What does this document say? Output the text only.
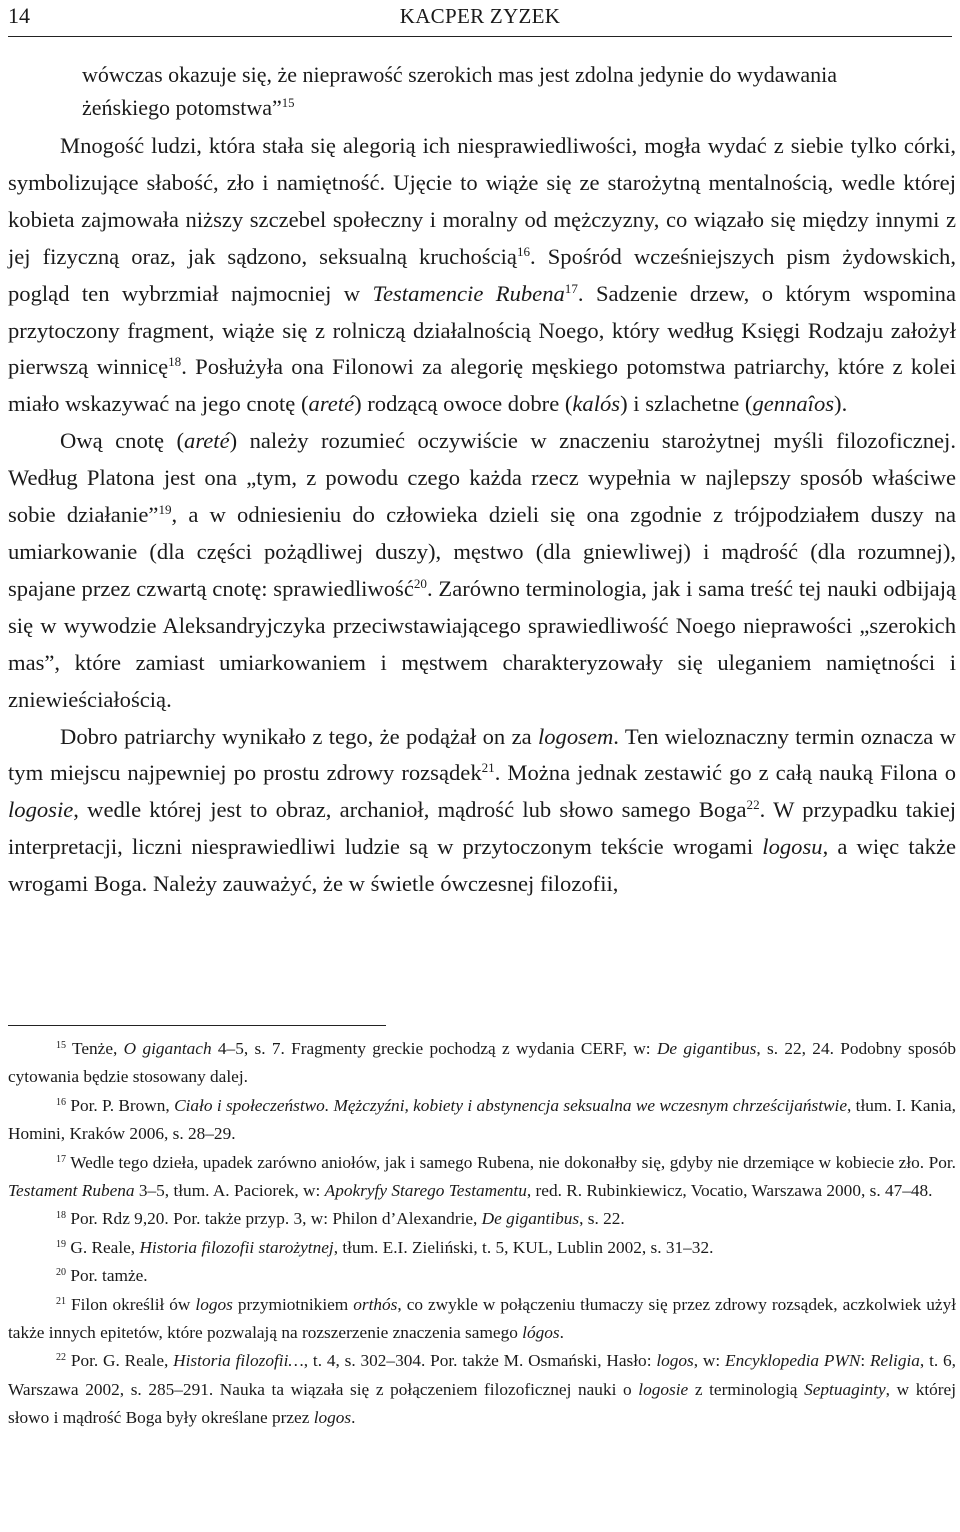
14	KACPER ZYZEK
wówczas okazuje się, że nieprawość szerokich mas jest zdolna jedynie do wydawania żeńskiego potomstwa”$^{15}$

Mnogość ludzi, która stała się alegorią ich niesprawiedliwości, mogła wydać z siebie tylko córki, symbolizujące słabość, zło i namiętność. Ujęcie to wiąże się ze starożytną mentalnością, wedle której kobieta zajmowała niższy szczebel społeczny i moralny od mężczyzny, co wiązało się między innymi z jej fizyczną oraz, jak sądzono, seksualną kruchością$^{16}$. Spośród wcześniejszych pism żydowskich, pogląd ten wybrzmiał najmocniej w Testamencie Rubena$^{17}$. Sadzenie drzew, o którym wspomina przytoczony fragment, wiąże się z rolniczą działalnością Noego, który według Księgi Rodzaju założył pierwszą winnicę$^{18}$. Posłużyła ona Filonowi za alegorię męskiego potomstwa patriarchy, które z kolei miało wskazywać na jego cnotę (areté) rodzącą owoce dobre (kalós) i szlachetne (gennaîos).

Ową cnotę (areté) należy rozumieć oczywiście w znaczeniu starożytnej myśli filozoficznej. Według Platona jest ona „tym, z powodu czego każda rzecz wypełnia w najlepszy sposób właściwe sobie działanie”$^{19}$, a w odniesieniu do człowieka dzieli się ona zgodnie z trójpodziałem duszy na umiarkowanie (dla części pożądliwej duszy), męstwo (dla gniewliwej) i mądrość (dla rozumnej), spajane przez czwartą cnotę: sprawiedliwość$^{20}$. Zarówno terminologia, jak i sama treść tej nauki odbijają się w wywodzie Aleksandryjczyka przeciwstawiającego sprawiedliwość Noego nieprawości „szerokich mas”, które zamiast umiarkowaniem i męstwem charakteryzowały się uleganiem namiętności i zniewieściałością.

Dobro patriarchy wynikało z tego, że podążał on za logosem. Ten wieloznaczny termin oznacza w tym miejscu najpewniej po prostu zdrowy rozsądek$^{21}$. Można jednak zestawić go z całą nauką Filona o logosie, wedle której jest to obraz, archanioł, mądrość lub słowo samego Boga$^{22}$. W przypadku takiej interpretacji, liczni niesprawiedliwi ludzie są w przytoczonym tekście wrogami logosu, a więc także wrogami Boga. Należy zauważyć, że w świetle ówczesnej filozofii,

$^{15}$ Tenże, O gigantach 4–5, s. 7. Fragmenty greckie pochodzą z wydania CERF, w: De gigantibus, s. 22, 24. Podobny sposób cytowania będzie stosowany dalej.

$^{16}$ Por. P. Brown, Ciało i społeczeństwo. Mężczyźni, kobiety i abstynencja seksualna we wczesnym chrześcijaństwie, tłum. I. Kania, Homini, Kraków 2006, s. 28–29.

$^{17}$ Wedle tego dzieła, upadek zarówno aniołów, jak i samego Rubena, nie dokonałby się, gdyby nie drzemiące w kobiecie zło. Por. Testament Rubena 3–5, tłum. A. Paciorek, w: Apokryfy Starego Testamentu, red. R. Rubinkiewicz, Vocatio, Warszawa 2000, s. 47–48.

$^{18}$ Por. Rdz 9,20. Por. także przyp. 3, w: Philon d’Alexandrie, De gigantibus, s. 22.

$^{19}$ G. Reale, Historia filozofii starożytnej, tłum. E.I. Zieliński, t. 5, KUL, Lublin 2002, s. 31–32.

$^{20}$ Por. tamże.

$^{21}$ Filon określił ów logos przymiotnikiem orthós, co zwykle w połączeniu tłumaczy się przez zdrowy rozsądek, aczkolwiek użył także innych epitetów, które pozwalają na rozszerzenie znaczenia samego lógos.

$^{22}$ Por. G. Reale, Historia filozofii…, t. 4, s. 302–304. Por. także M. Osmański, Hasło: logos, w: Encyklopedia PWN: Religia, t. 6, Warszawa 2002, s. 285–291. Nauka ta wiązała się z połączeniem filozoficznej nauki o logosie z terminologią Septuaginty, w której słowo i mądrość Boga były określane przez logos.
